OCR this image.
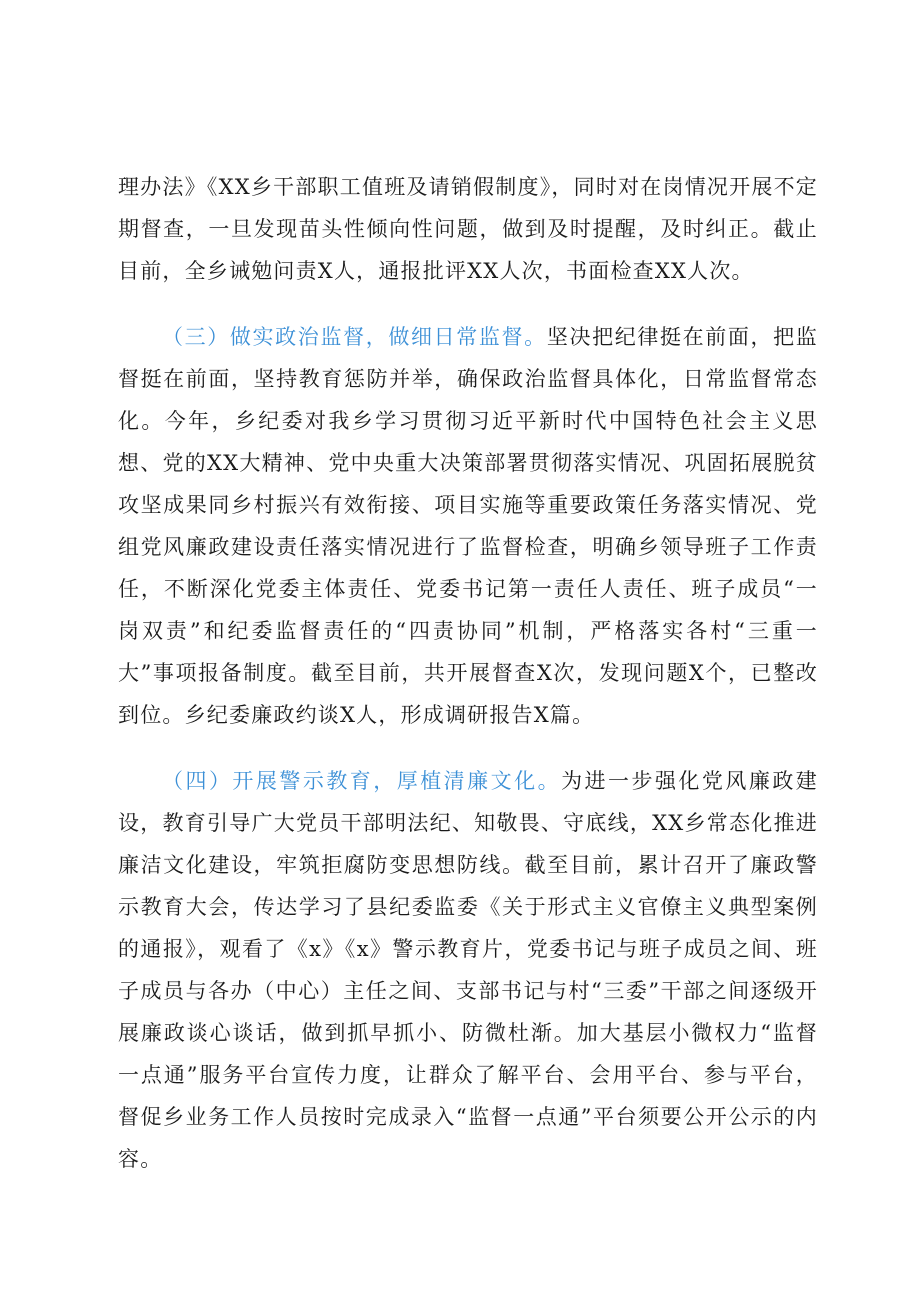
理办法》《XX乡干部职工值班及请销假制度》，同时对在岗情况开展不定期督查，一旦发现苗头性倾向性问题，做到及时提醒，及时纠正。截止目前，全乡诫勉问责X人，通报批评XX人次，书面检查XX人次。

（三）做实政治监督，做细日常监督。坚决把纪律挺在前面，把监督挺在前面，坚持教育惩防并举，确保政治监督具体化，日常监督常态化。今年，乡纪委对我乡学习贯彻习近平新时代中国特色社会主义思想、党的XX大精神、党中央重大决策部署贯彻落实情况、巩固拓展脱贫攻坚成果同乡村振兴有效衔接、项目实施等重要政策任务落实情况、党组党风廉政建设责任落实情况进行了监督检查，明确乡领导班子工作责任，不断深化党委主体责任、党委书记第一责任人责任、班子成员“一岗双责”和纪委监督责任的“四责协同”机制，严格落实各村“三重一大”事项报备制度。截至目前，共开展督查X次，发现问题X个，已整改到位。乡纪委廉政约谈X人，形成调研报告X篇。

（四）开展警示教育，厚植清廉文化。为进一步强化党风廉政建设，教育引导广大党员干部明法纪、知敬畏、守底线，XX乡常态化推进廉洁文化建设，牢筑拒腐防变思想防线。截至目前，累计召开了廉政警示教育大会，传达学习了县纪委监委《关于形式主义官僚主义典型案例的通报》，观看了《x》《x》警示教育片，党委书记与班子成员之间、班子成员与各办（中心）主任之间、支部书记与村“三委”干部之间逐级开展廉政谈心谈话，做到抓早抓小、防微杜渐。加大基层小微权力“监督一点通”服务平台宣传力度，让群众了解平台、会用平台、参与平台，督促乡业务工作人员按时完成录入“监督一点通”平台须要公开公示的内容。
